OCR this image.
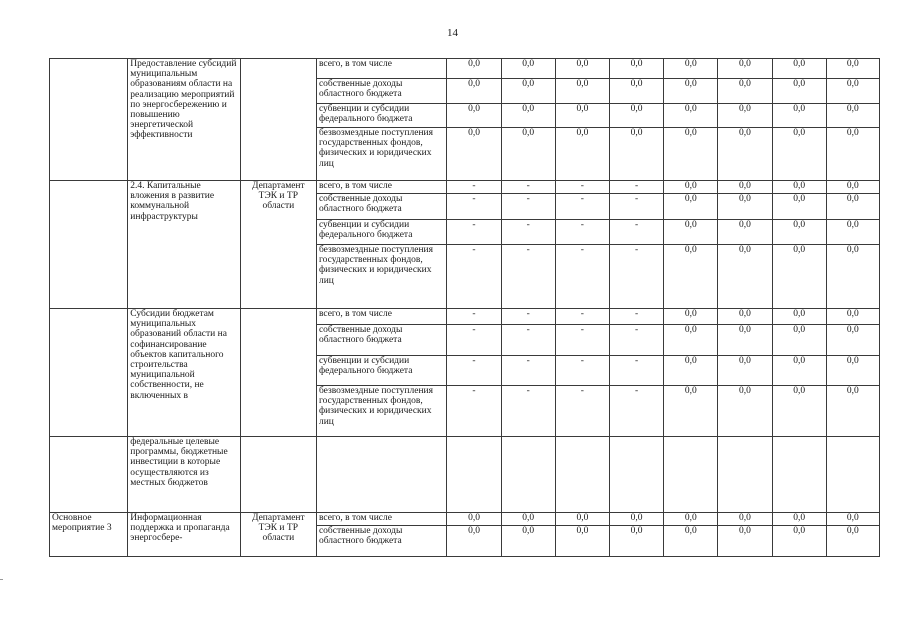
14
	Предоставление субсидий муниципальным образованиям области на реализацию мероприятий по энергосбережению и повышению энергетической эффективности		всего, в том числе	0,0	0,0	0,0	0,0	0,0	0,0	0,0	0,0
			собственные доходы областного бюджета	0,0	0,0	0,0	0,0	0,0	0,0	0,0	0,0
			субвенции и субсидии федерального бюджета	0,0	0,0	0,0	0,0	0,0	0,0	0,0	0,0
			безвозмездные поступления государственных фондов, физических и юридических лиц	0,0	0,0	0,0	0,0	0,0	0,0	0,0	0,0
	2.4. Капитальные вложения в развитие коммунальной инфраструктуры	Департамент ТЭК и ТР области	всего, в том числе	-	-	-	-	0,0	0,0	0,0	0,0
			собственные доходы областного бюджета	-	-	-	-	0,0	0,0	0,0	0,0
			субвенции и субсидии федерального бюджета	-	-	-	-	0,0	0,0	0,0	0,0
			безвозмездные поступления государственных фондов, физических и юридических лиц	-	-	-	-	0,0	0,0	0,0	0,0
	Субсидии бюджетам муниципальных образований области на софинансирование объектов капитального строительства муниципальной собственности, не включенных в		всего, в том числе	-	-	-	-	0,0	0,0	0,0	0,0
			собственные доходы областного бюджета	-	-	-	-	0,0	0,0	0,0	0,0
			субвенции и субсидии федерального бюджета	-	-	-	-	0,0	0,0	0,0	0,0
			безвозмездные поступления государственных фондов, физических и юридических лиц	-	-	-	-	0,0	0,0	0,0	0,0
	федеральные целевые программы, бюджетные инвестиции в которые осуществляются из местных бюджетов										
Основное мероприятие 3	Информационная поддержка и пропаганда энергосбере-	Департамент ТЭК и ТР области	всего, в том числе	0,0	0,0	0,0	0,0	0,0	0,0	0,0	0,0
			собственные доходы областного бюджета	0,0	0,0	0,0	0,0	0,0	0,0	0,0	0,0
